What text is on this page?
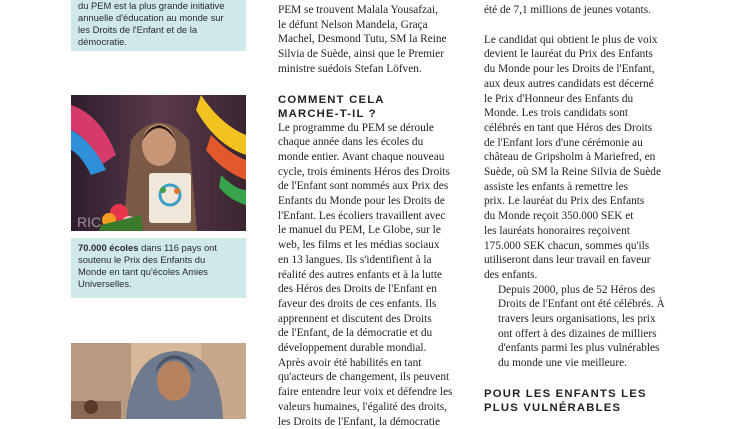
du PEM est la plus grande initiative
annuelle d'éducation au monde sur
les Droits de l'Enfant et de la
démocratie.

RIC

70.000 écoles dans 116 pays ont
soutenu le Prix des Enfants du
Monde en tant qu'écoles Amies
Universelles.

PEM se trouvent Malala Yousafzai,
le défunt Nelson Mandela, Graça
Machel, Desmond Tutu, SM la Reine
Silvia de Suède, ainsi que le Premier
ministre suédois Stefan Löfven.

COMMENT CELA
MARCHE-T-IL ?

Le programme du PEM se déroule
chaque année dans les écoles du
monde entier. Avant chaque nouveau
cycle, trois éminents Héros des Droits
de l'Enfant sont nommés aux Prix des
Enfants du Monde pour les Droits de
l'Enfant. Les écoliers travaillent avec
le manuel du PEM, Le Globe, sur le
web, les films et les médias sociaux
en 13 langues. Ils s'identifient à la
réalité des autres enfants et à la lutte
des Héros des Droits de l'Enfant en
faveur des droits de ces enfants. Ils
apprennent et discutent des Droits
de l'Enfant, de la démocratie et du
développement durable mondial.
Après avoir été habilités en tant
qu'acteurs de changement, ils peuvent
faire entendre leur voix et défendre les
valeurs humaines, l'égalité des droits,
les Droits de l'Enfant, la démocratie

été de 7,1 millions de jeunes votants.

Le candidat qui obtient le plus de voix
devient le lauréat du Prix des Enfants
du Monde pour les Droits de l'Enfant,
aux deux autres candidats est décerné
le Prix d'Honneur des Enfants du
Monde. Les trois candidats sont
célébrés en tant que Héros des Droits
de l'Enfant lors d'une cérémonie au
château de Gripsholm à Mariefred, en
Suède, où SM la Reine Silvia de Suède
assiste les enfants à remettre les
prix. Le lauréat du Prix des Enfants
du Monde reçoit 350.000 SEK et
les lauréats honoraires reçoivent
175.000 SEK chacun, sommes qu'ils
utiliseront dans leur travail en faveur
des enfants.

Depuis 2000, plus de 52 Héros des
Droits de l'Enfant ont été célébrés. À
travers leurs organisations, les prix
ont offert à des dizaines de milliers
d'enfants parmi les plus vulnérables
du monde une vie meilleure.

POUR LES ENFANTS LES
PLUS VULNÉRABLES
